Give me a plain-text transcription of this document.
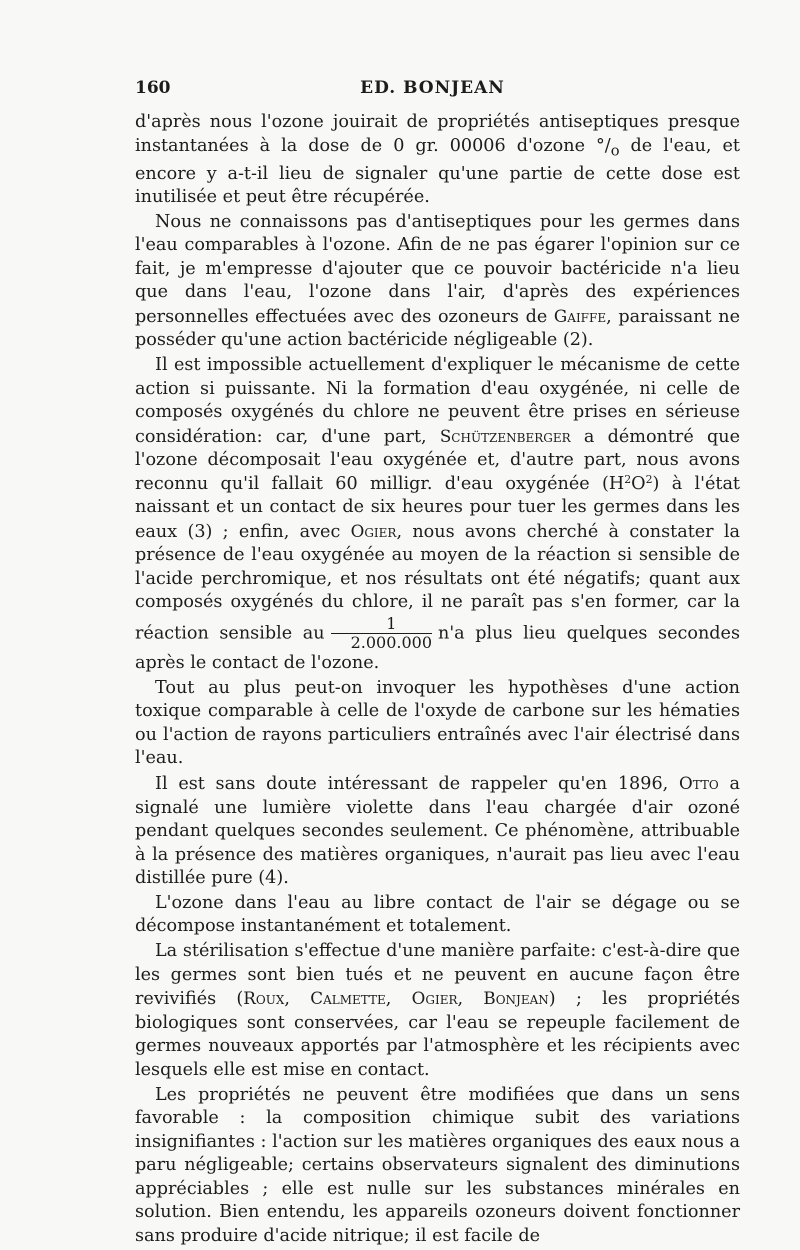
160	ED. BONJEAN

d'après nous l'ozone jouirait de propriétés antiseptiques presque instantanées à la dose de 0 gr. 00006 d'ozone $^\circ/_o$ de l'eau, et encore y a-t-il lieu de signaler qu'une partie de cette dose est inutilisée et peut être récupérée.

Nous ne connaissons pas d'antiseptiques pour les germes dans l'eau comparables à l'ozone. Afin de ne pas égarer l'opinion sur ce fait, je m'empresse d'ajouter que ce pouvoir bactéricide n'a lieu que dans l'eau, l'ozone dans l'air, d'après des expériences personnelles effectuées avec des ozoneurs de Gaiffe, paraissant ne posséder qu'une action bactéricide négligeable (2).

Il est impossible actuellement d'expliquer le mécanisme de cette action si puissante. Ni la formation d'eau oxygénée, ni celle de composés oxygénés du chlore ne peuvent être prises en sérieuse considération: car, d'une part, Schützenberger a démontré que l'ozone décomposait l'eau oxygénée et, d'autre part, nous avons reconnu qu'il fallait 60 milligr. d'eau oxygénée $(H^2O^2)$ à l'état naissant et un contact de six heures pour tuer les germes dans les eaux (3) ; enfin, avec Ogier, nous avons cherché à constater la présence de l'eau oxygénée au moyen de la réaction si sensible de l'acide perchromique, et nos résultats ont été négatifs; quant aux composés oxygénés du chlore, il ne paraît pas s'en former, car la réaction sensible au $\frac{1}{2.000.000} n'a$ plus lieu quelques secondes après le contact de l'ozone.

Tout au plus peut-on invoquer les hypothèses d'une action toxique comparable à celle de l'oxyde de carbone sur les hématies ou l'action de rayons particuliers entraînés avec l'air électrisé dans l'eau.

Il est sans doute intéressant de rappeler qu'en 1896, Otto a signalé une lumière violette dans l'eau chargée d'air ozoné pendant quelques secondes seulement. Ce phénomène, attribuable à la présence des matières organiques, n'aurait pas lieu avec l'eau distillée pure (4).

L'ozone dans l'eau au libre contact de l'air se dégage ou se décompose instantanément et totalement.

La stérilisation s'effectue d'une manière parfaite: c'est-à-dire que les germes sont bien tués et ne peuvent en aucune façon être revivifiés (Roux, Calmette, Ogier, Bonjean) ; les propriétés biologiques sont conservées, car l'eau se repeuple facilement de germes nouveaux apportés par l'atmosphère et les récipients avec lesquels elle est mise en contact.

Les propriétés ne peuvent être modifiées que dans un sens favorable : la composition chimique subit des variations insignifiantes : l'action sur les matières organiques des eaux nous a paru négligeable; certains observateurs signalent des diminutions appréciables ; elle est nulle sur les substances minérales en solution. Bien entendu, les appareils ozoneurs doivent fonctionner sans produire d'acide nitrique; il est facile de
